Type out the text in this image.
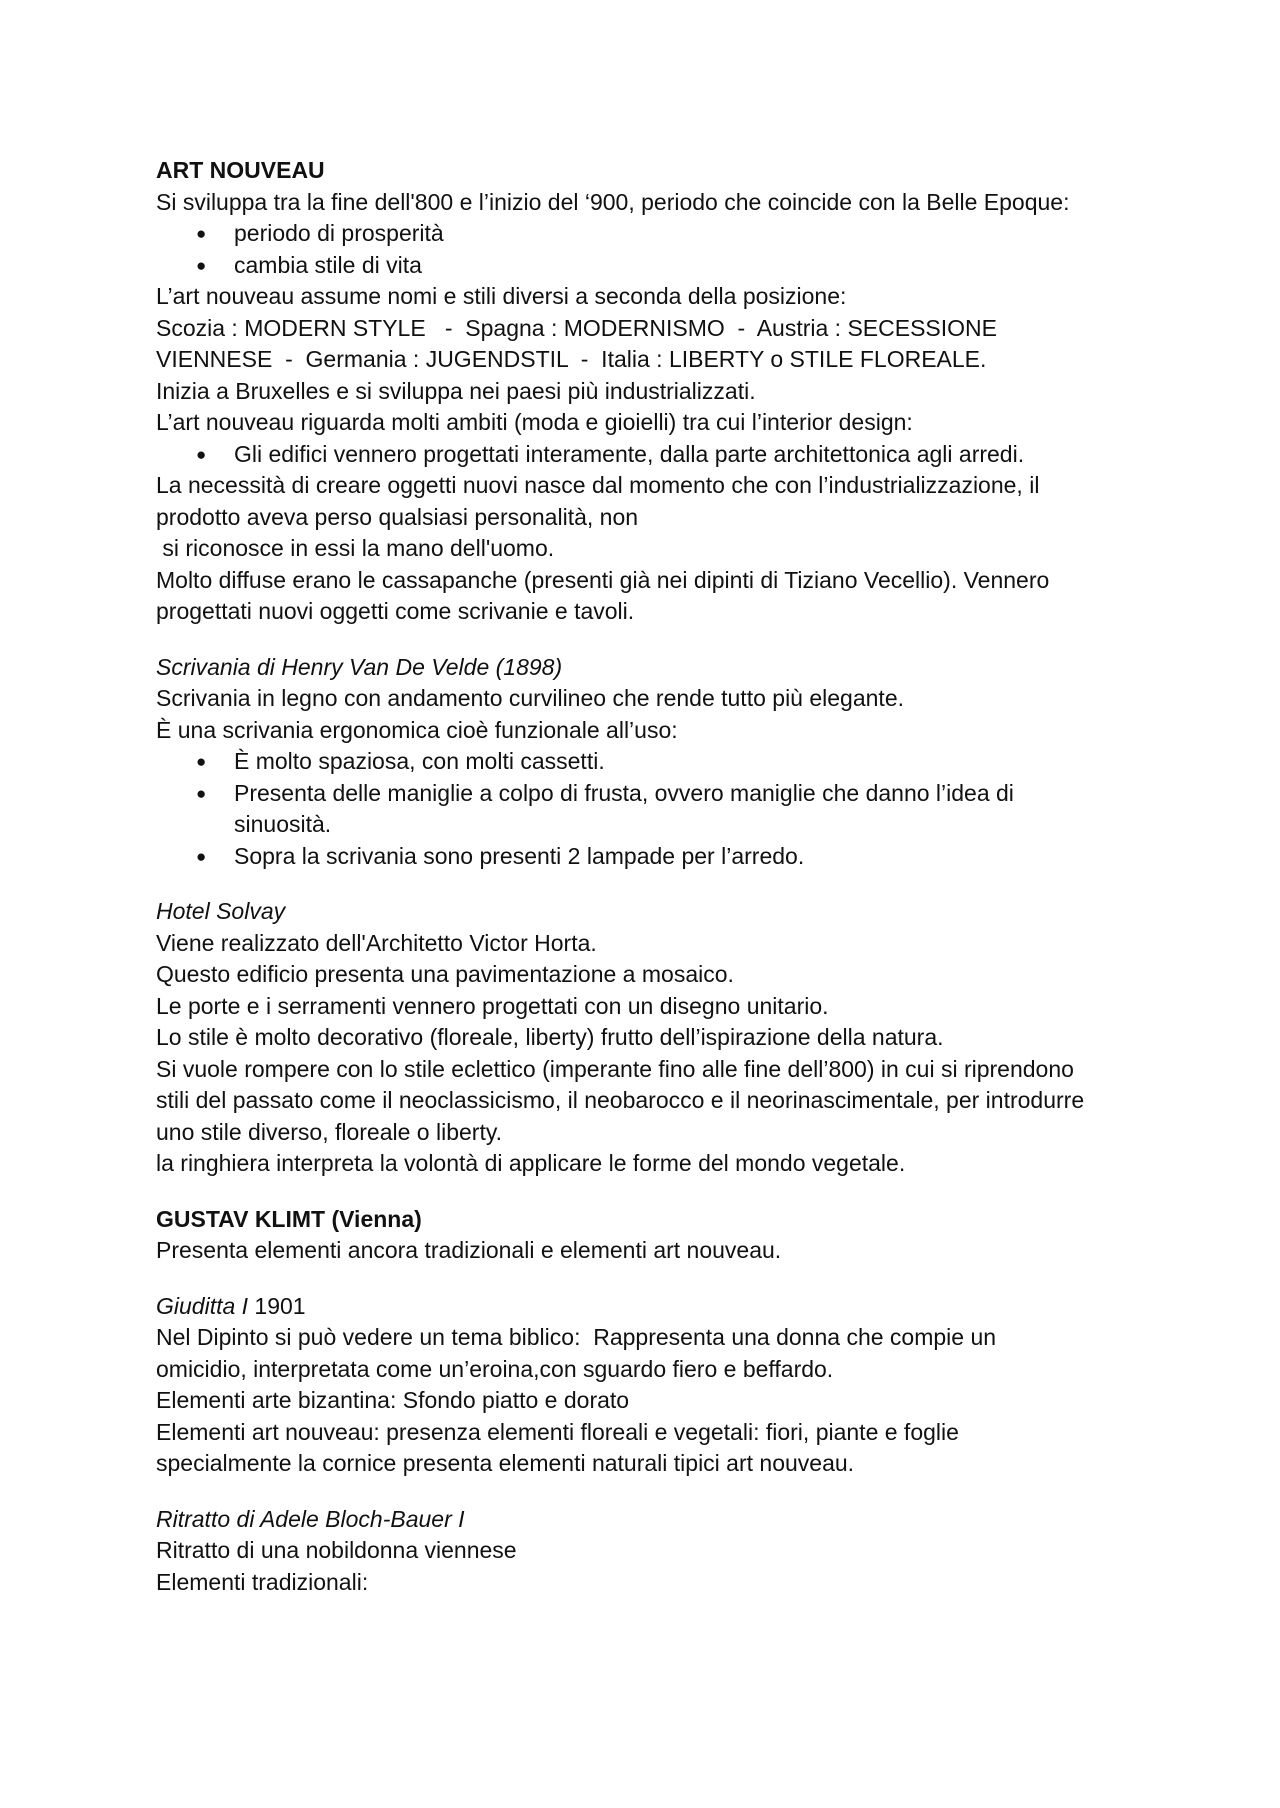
ART NOUVEAU

Si sviluppa tra la fine dell'800 e l’inizio del ‘900, periodo che coincide con la Belle Epoque:

● periodo di prosperità
● cambia stile di vita

L’art nouveau assume nomi e stili diversi a seconda della posizione:

Scozia : MODERN STYLE   -  Spagna : MODERNISMO  -  Austria : SECESSIONE

VIENNESE  -  Germania : JUGENDSTIL  -  Italia : LIBERTY o STILE FLOREALE.

Inizia a Bruxelles e si sviluppa nei paesi più industrializzati.

L’art nouveau riguarda molti ambiti (moda e gioielli) tra cui l’interior design:

● Gli edifici vennero progettati interamente, dalla parte architettonica agli arredi.

La necessità di creare oggetti nuovi nasce dal momento che con l’industrializzazione, il

prodotto aveva perso qualsiasi personalità, non

si riconosce in essi la mano dell'uomo.

Molto diffuse erano le cassapanche (presenti già nei dipinti di Tiziano Vecellio). Vennero

progettati nuovi oggetti come scrivanie e tavoli.

Scrivania di Henry Van De Velde (1898)

Scrivania in legno con andamento curvilineo che rende tutto più elegante.

È una scrivania ergonomica cioè funzionale all’uso:

● È molto spaziosa, con molti cassetti.
● Presenta delle maniglie a colpo di frusta, ovvero maniglie che danno l’idea di sinuosità.
● Sopra la scrivania sono presenti 2 lampade per l’arredo.

Hotel Solvay

Viene realizzato dell'Architetto Victor Horta.

Questo edificio presenta una pavimentazione a mosaico.

Le porte e i serramenti vennero progettati con un disegno unitario.

Lo stile è molto decorativo (floreale, liberty) frutto dell’ispirazione della natura.

Si vuole rompere con lo stile eclettico (imperante fino alle fine dell’800) in cui si riprendono

stili del passato come il neoclassicismo, il neobarocco e il neorinascimentale, per introdurre

uno stile diverso, floreale o liberty.

la ringhiera interpreta la volontà di applicare le forme del mondo vegetale.

GUSTAV KLIMT (Vienna)

Presenta elementi ancora tradizionali e elementi art nouveau.

Giuditta I 1901

Nel Dipinto si può vedere un tema biblico:  Rappresenta una donna che compie un

omicidio, interpretata come un’eroina,con sguardo fiero e beffardo.

Elementi arte bizantina: Sfondo piatto e dorato

Elementi art nouveau: presenza elementi floreali e vegetali: fiori, piante e foglie

specialmente la cornice presenta elementi naturali tipici art nouveau.

Ritratto di Adele Bloch-Bauer I

Ritratto di una nobildonna viennese

Elementi tradizionali:
